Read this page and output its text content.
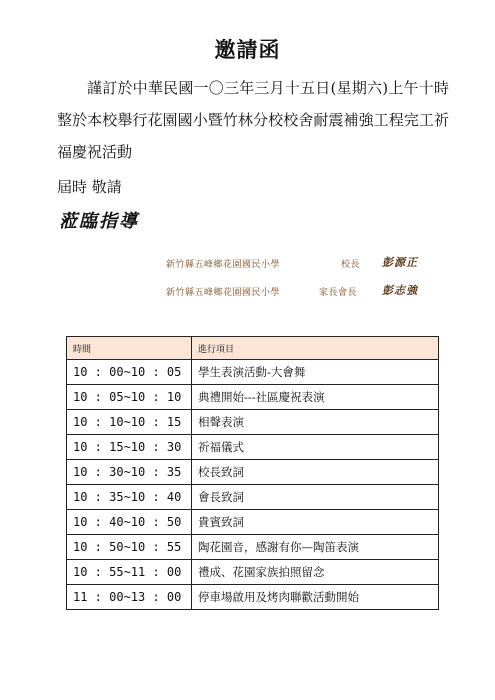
邀請函
謹訂於中華民國一〇三年三月十五日(星期六)上午十時整於本校舉行花園國小暨竹林分校校舍耐震補強工程完工祈福慶祝活動
屆時 敬請
蒞臨指導
新竹縣五峰鄉花園國民小學	校長 彭源正
新竹縣五峰鄉花園國民小學	家長會長 彭志強
時間	進行項目
10 : 00~10 : 05	學生表演活動-大會舞
10 : 05~10 : 10	典禮開始---社區慶祝表演
10 : 10~10 : 15	相聲表演
10 : 15~10 : 30	祈福儀式
10 : 30~10 : 35	校長致詞
10 : 35~10 : 40	會長致詞
10 : 40~10 : 50	貴賓致詞
10 : 50~10 : 55	陶花園音，感謝有你—陶笛表演
10 : 55~11 : 00	禮成、花園家族拍照留念
11 : 00~13 : 00	停車場啟用及烤肉聯歡活動開始
